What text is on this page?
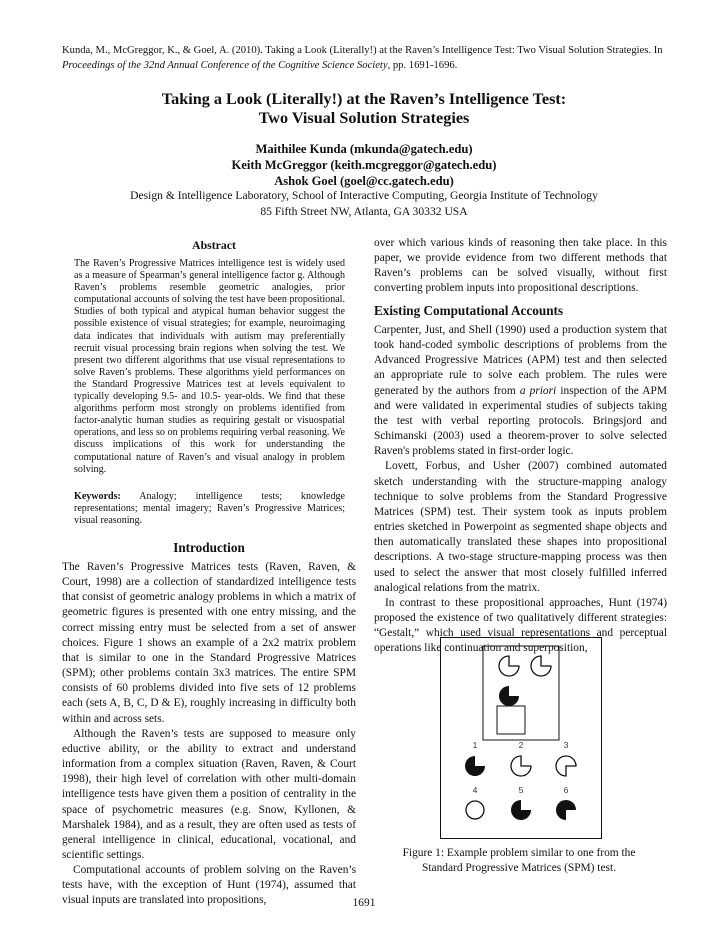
Kunda, M., McGreggor, K., & Goel, A. (2010). Taking a Look (Literally!) at the Raven’s Intelligence Test: Two Visual Solution Strategies. In Proceedings of the 32nd Annual Conference of the Cognitive Science Society, pp. 1691-1696.
Taking a Look (Literally!) at the Raven’s Intelligence Test:
Two Visual Solution Strategies
Maithilee Kunda (mkunda@gatech.edu)
Keith McGreggor (keith.mcgreggor@gatech.edu)
Ashok Goel (goel@cc.gatech.edu)
Design & Intelligence Laboratory, School of Interactive Computing, Georgia Institute of Technology
85 Fifth Street NW, Atlanta, GA 30332 USA
Abstract
The Raven’s Progressive Matrices intelligence test is widely used as a measure of Spearman’s general intelligence factor g. Although Raven’s problems resemble geometric analogies, prior computational accounts of solving the test have been propositional. Studies of both typical and atypical human behavior suggest the possible existence of visual strategies; for example, neuroimaging data indicates that individuals with autism may preferentially recruit visual processing brain regions when solving the test. We present two different algorithms that use visual representations to solve Raven’s problems. These algorithms yield performances on the Standard Progressive Matrices test at levels equivalent to typically developing 9.5- and 10.5- year-olds. We find that these algorithms perform most strongly on problems identified from factor-analytic human studies as requiring gestalt or visuospatial operations, and less so on problems requiring verbal reasoning. We discuss implications of this work for understanding the computational nature of Raven’s and visual analogy in problem solving.
Keywords: Analogy; intelligence tests; knowledge representations; mental imagery; Raven’s Progressive Matrices; visual reasoning.
Introduction

The Raven’s Progressive Matrices tests (Raven, Raven, & Court, 1998) are a collection of standardized intelligence tests that consist of geometric analogy problems in which a matrix of geometric figures is presented with one entry missing, and the correct missing entry must be selected from a set of answer choices. Figure 1 shows an example of a 2x2 matrix problem that is similar to one in the Standard Progressive Matrices (SPM); other problems contain 3x3 matrices. The entire SPM consists of 60 problems divided into five sets of 12 problems each (sets A, B, C, D & E), roughly increasing in difficulty both within and across sets.

Although the Raven’s tests are supposed to measure only eductive ability, or the ability to extract and understand information from a complex situation (Raven, Raven, & Court 1998), their high level of correlation with other multi-domain intelligence tests have given them a position of centrality in the space of psychometric measures (e.g. Snow, Kyllonen, & Marshalek 1984), and as a result, they are often used as tests of general intelligence in clinical, educational, vocational, and scientific settings.

Computational accounts of problem solving on the Raven’s tests have, with the exception of Hunt (1974), assumed that visual inputs are translated into propositions,

over which various kinds of reasoning then take place. In this paper, we provide evidence from two different methods that Raven’s problems can be solved visually, without first converting problem inputs into propositional descriptions.

Existing Computational Accounts

Carpenter, Just, and Shell (1990) used a production system that took hand-coded symbolic descriptions of problems from the Advanced Progressive Matrices (APM) test and then selected an appropriate rule to solve each problem. The rules were generated by the authors from a priori inspection of the APM and were validated in experimental studies of subjects taking the test with verbal reporting protocols. Bringsjord and Schimanski (2003) used a theorem-prover to solve selected Raven's problems stated in first-order logic.

Lovett, Forbus, and Usher (2007) combined automated sketch understanding with the structure-mapping analogy technique to solve problems from the Standard Progressive Matrices (SPM) test. Their system took as inputs problem entries sketched in Powerpoint as segmented shape objects and then automatically translated these shapes into propositional descriptions. A two-stage structure-mapping process was then used to select the answer that most closely fulfilled inferred analogical relations from the matrix.

In contrast to these propositional approaches, Hunt (1974) proposed the existence of two qualitatively different strategies: “Gestalt,” which used visual representations and perceptual operations like continuation and superposition,

1	2	3
4	5	6
Figure 1: Example problem similar to one from the Standard Progressive Matrices (SPM) test.
1691
